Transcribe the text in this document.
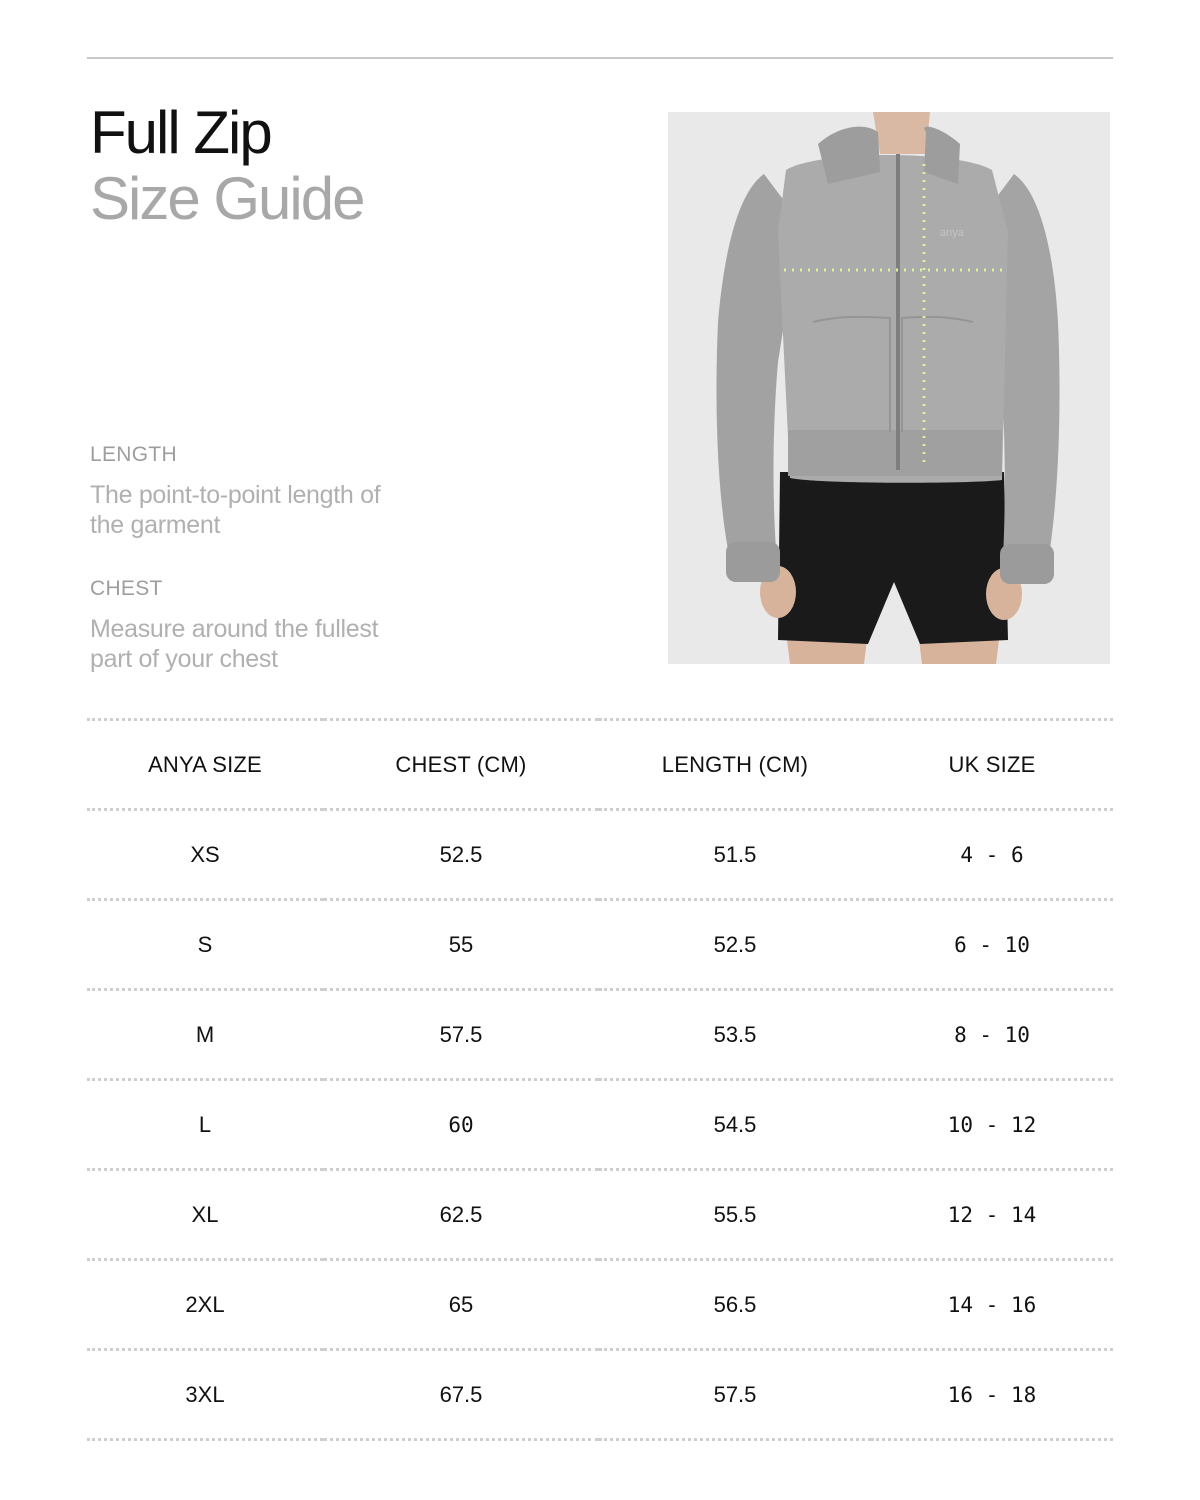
Full Zip
Size Guide

LENGTH

The point-to-point length of the garment

CHEST

Measure around the fullest part of your chest

anya
ANYA SIZE	CHEST (CM)	LENGTH (CM)	UK SIZE
XS	52.5	51.5	4 - 6
S	55	52.5	6 - 10
M	57.5	53.5	8 - 10
L	60	54.5	10 - 12
XL	62.5	55.5	12 - 14
2XL	65	56.5	14 - 16
3XL	67.5	57.5	16 - 18
